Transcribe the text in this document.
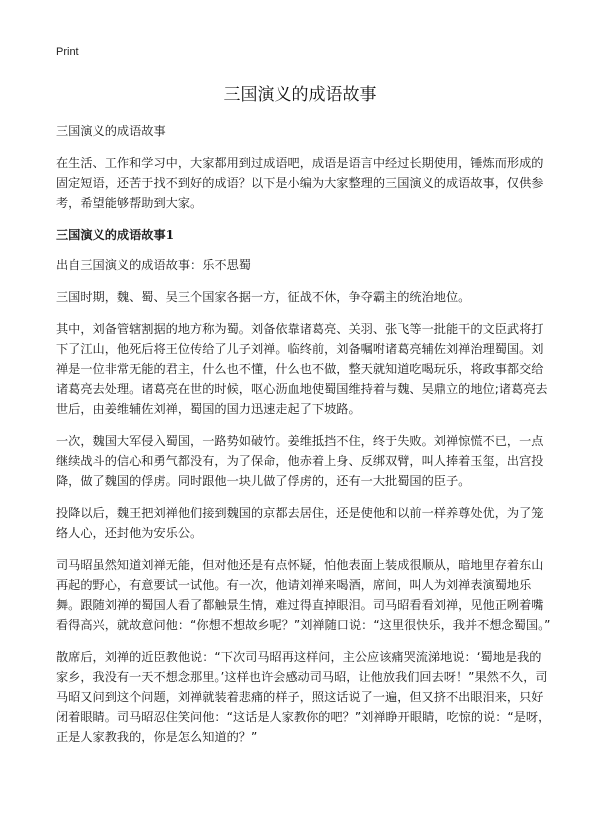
Print
三国演义的成语故事

三国演义的成语故事

在生活、工作和学习中，大家都用到过成语吧，成语是语言中经过长期使用，锤炼而形成的固定短语，还苦于找不到好的成语？以下是小编为大家整理的三国演义的成语故事，仅供参考，希望能够帮助到大家。

三国演义的成语故事1

出自三国演义的成语故事：乐不思蜀

三国时期，魏、蜀、吴三个国家各据一方，征战不休，争夺霸主的统治地位。

其中，刘备管辖割据的地方称为蜀。刘备依靠诸葛亮、关羽、张飞等一批能干的文臣武将打下了江山，他死后将王位传给了儿子刘禅。临终前，刘备嘱咐诸葛亮辅佐刘禅治理蜀国。刘禅是一位非常无能的君主，什么也不懂，什么也不做，整天就知道吃喝玩乐，将政事都交给诸葛亮去处理。诸葛亮在世的时候，呕心沥血地使蜀国维持着与魏、吴鼎立的地位;诸葛亮去世后，由姜维辅佐刘禅，蜀国的国力迅速走起了下坡路。

一次，魏国大军侵入蜀国，一路势如破竹。姜维抵挡不住，终于失败。刘禅惊慌不已，一点继续战斗的信心和勇气都没有，为了保命，他赤着上身、反绑双臂，叫人捧着玉玺，出宫投降，做了魏国的俘虏。同时跟他一块儿做了俘虏的，还有一大批蜀国的臣子。

投降以后，魏王把刘禅他们接到魏国的京都去居住，还是使他和以前一样养尊处优，为了笼络人心，还封他为安乐公。

司马昭虽然知道刘禅无能，但对他还是有点怀疑，怕他表面上装成很顺从，暗地里存着东山再起的野心，有意要试一试他。有一次，他请刘禅来喝酒，席间，叫人为刘禅表演蜀地乐舞。跟随刘禅的蜀国人看了都触景生情，难过得直掉眼泪。司马昭看看刘禅，见他正咧着嘴看得高兴，就故意问他：“你想不想故乡呢？”刘禅随口说：“这里很快乐，我并不想念蜀国。”

散席后，刘禅的近臣教他说：“下次司马昭再这样问，主公应该痛哭流涕地说：‘蜀地是我的家乡，我没有一天不想念那里。’这样也许会感动司马昭，让他放我们回去呀！”果然不久，司马昭又问到这个问题，刘禅就装着悲痛的样子，照这话说了一遍，但又挤不出眼泪来，只好闭着眼睛。司马昭忍住笑问他：“这话是人家教你的吧？”刘禅睁开眼睛，吃惊的说：“是呀，正是人家教我的，你是怎么知道的？”
